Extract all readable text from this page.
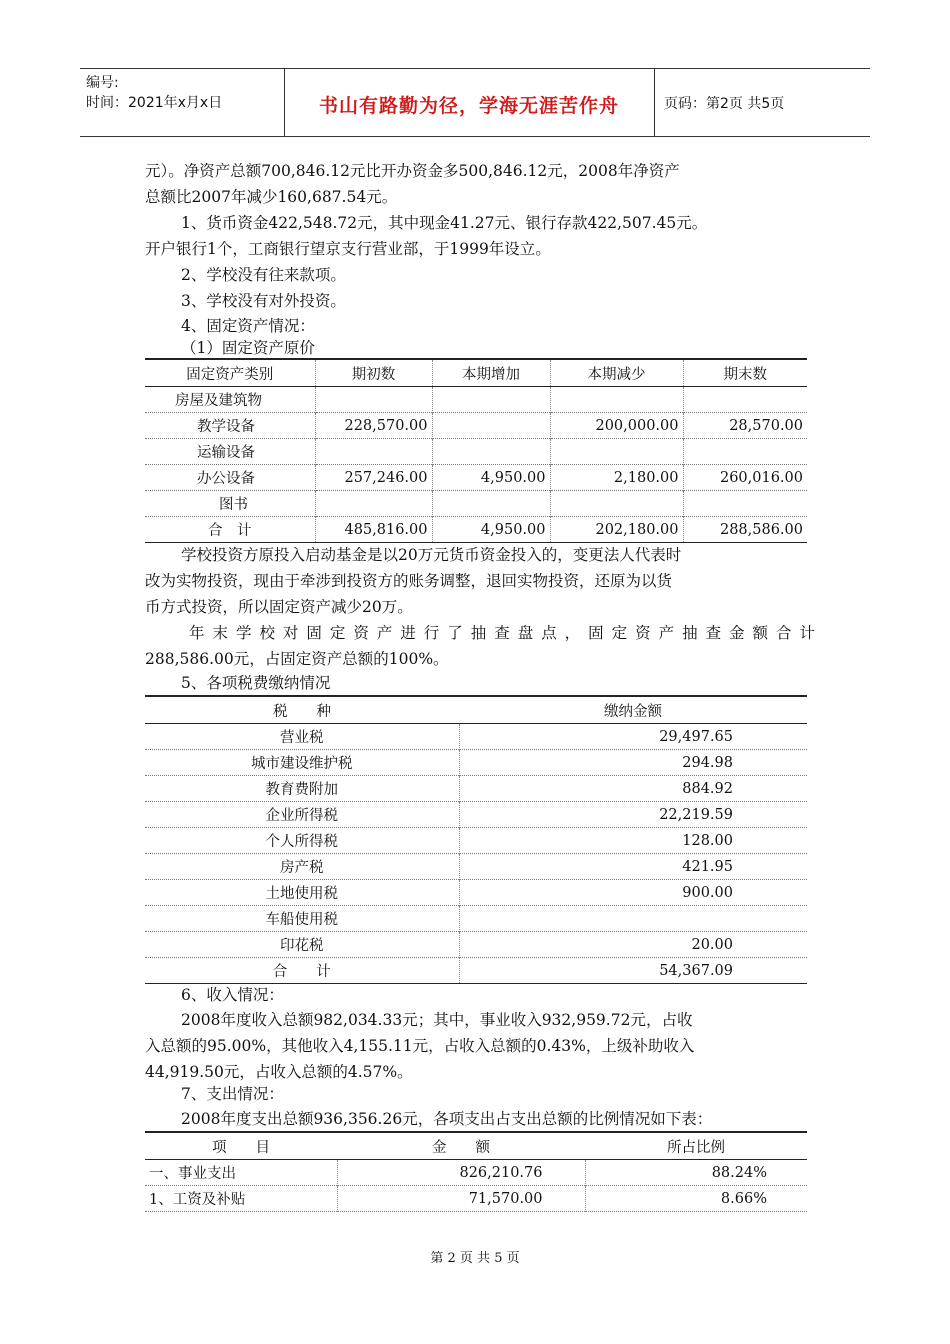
编号:
时间：2021年x月x日	书山有路勤为径，学海无涯苦作舟	页码：第2页 共5页
元）。净资产总额700,846.12元比开办资金多500,846.12元，2008年净资产
总额比2007年减少160,687.54元。
1、货币资金422,548.72元，其中现金41.27元、银行存款422,507.45元。
开户银行1个，工商银行望京支行营业部，于1999年设立。
2、学校没有往来款项。
3、学校没有对外投资。
4、固定资产情况：
（1）固定资产原价
固定资产类别	期初数	本期增加	本期减少	期末数
房屋及建筑物				
教学设备	228,570.00		200,000.00	28,570.00
运输设备				
办公设备	257,246.00	4,950.00	2,180.00	260,016.00
图书				
合　计	485,816.00	4,950.00	202,180.00	288,586.00
学校投资方原投入启动基金是以20万元货币资金投入的，变更法人代表时
改为实物投资，现由于牵涉到投资方的账务调整，退回实物投资，还原为以货
币方式投资，所以固定资产减少20万。
年末学校对固定资产进行了抽查盘点，固定资产抽查金额合计
288,586.00元，占固定资产总额的100%。
5、各项税费缴纳情况
税　　种	缴纳金额
营业税	29,497.65
城市建设维护税	294.98
教育费附加	884.92
企业所得税	22,219.59
个人所得税	128.00
房产税	421.95
土地使用税	900.00
车船使用税	
印花税	20.00
合　　计	54,367.09
6、收入情况：
2008年度收入总额982,034.33元；其中，事业收入932,959.72元，占收
入总额的95.00%，其他收入4,155.11元，占收入总额的0.43%，上级补助收入
44,919.50元，占收入总额的4.57%。
7、支出情况：
2008年度支出总额936,356.26元，各项支出占支出总额的比例情况如下表：
项　　目	金　　额	所占比例
一、事业支出	826,210.76	88.24%
1、工资及补贴	71,570.00	8.66%
第 2 页 共 5 页
